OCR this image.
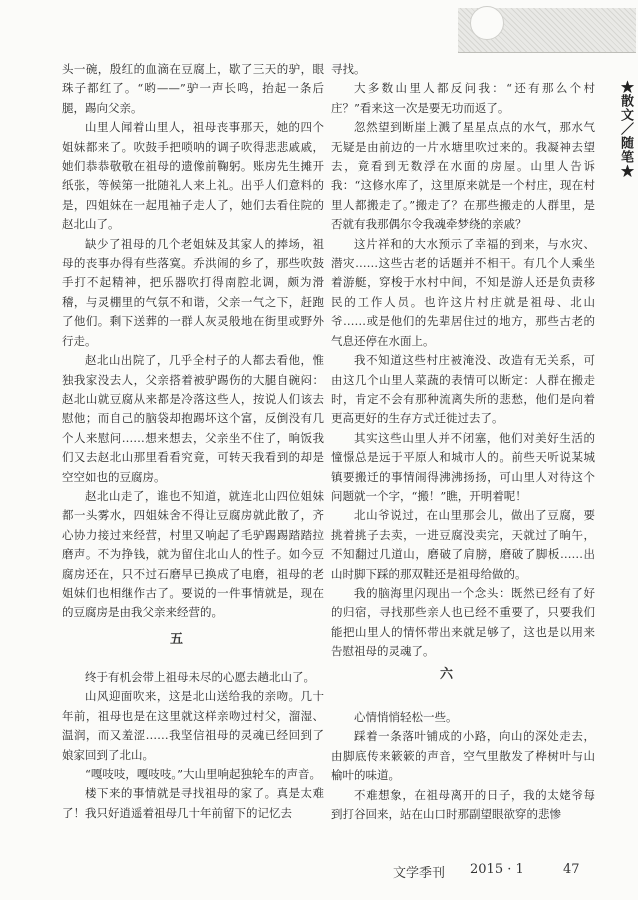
★散文／随笔★

头一碗，殷红的血滴在豆腐上，歇了三天的驴，眼珠子都红了。“哟——”驴一声长鸣，抬起一条后腿，踢向父亲。

山里人闻着山里人，祖母丧事那天，她的四个姐妹都来了。吹鼓手把唢呐的调子吹得悲悲戚戚，她们恭恭敬敬在祖母的遗像前鞠躬。账房先生摊开纸张，等候第一批随礼人来上礼。出乎人们意料的是，四姐妹在一起甩袖子走人了，她们去看住院的赵北山了。

缺少了祖母的几个老姐妹及其家人的捧场，祖母的丧事办得有些落寞。乔洪闹的乡了，那些吹鼓手打不起精神，把乐器吹打得南腔北调，颇为滑稽，与灵棚里的气氛不和谐，父亲一气之下，赶跑了他们。剩下送葬的一群人灰灵般地在街里或野外行走。

赵北山出院了，几乎全村子的人都去看他，惟独我家没去人，父亲搭着被驴踢伤的大腿自碗闷：赵北山就豆腐从来都是冷落这些人，按说人们该去慰他；而自己的脑袋却抱踢坏这个富，反倒没有几个人来慰问……想来想去，父亲坐不住了，晌饭我们又去赵北山那里看看究竟，可转天我看到的却是空空如也的豆腐房。

赵北山走了，谁也不知道，就连北山四位姐妹都一头雾水，四姐妹舍不得让豆腐房就此散了，齐心协力接过来经营，村里又响起了毛驴踢踢踏踏拉磨声。不为挣钱，就为留住北山人的性子。如今豆腐房还在，只不过石磨早已换成了电磨，祖母的老姐妹们也相继作古了。要说的一件事情就是，现在的豆腐房是由我父亲来经营的。

五

终于有机会带上祖母未尽的心愿去趟北山了。

山风迎面吹来，这是北山送给我的亲吻。几十年前，祖母也是在这里就这样亲吻过村父，溜湿、温润，而又羞涩……我坚信祖母的灵魂已经回到了娘家回到了北山。

“嘎吱吱，嘎吱吱。”大山里响起独轮车的声音。

楼下来的事情就是寻找祖母的家了。真是太难了！我只好逍遥着祖母几十年前留下的记忆去

寻找。

大多数山里人都反问我：“还有那么个村庄？”看来这一次是要无功而返了。

忽然望到断崖上溅了星星点点的水气，那水气无疑是由前边的一片水塘里吹过来的。我凝神去望去，竟看到无数浮在水面的房屋。山里人告诉我：“这修水库了，这里原来就是一个村庄，现在村里人都搬走了。”搬走了？在那些搬走的人群里，是否就有我那偶尔令我魂牵梦绕的亲戚？

这片祥和的大水预示了幸福的到来，与水灾、潜灾……这些古老的话题并不相干。有几个人乘坐着游艇，穿梭于水村中间，不知是游人还是负责移民的工作人员。也许这片村庄就是祖母、北山爷……或是他们的先辈居住过的地方，那些古老的气息还停在水面上。

我不知道这些村庄被淹没、改造有无关系，可由这几个山里人菜蔬的表情可以断定：人群在搬走时，肯定不会有那种流离失所的悲愁，他们是向着更高更好的生存方式迁徙过去了。

其实这些山里人并不闭塞，他们对美好生活的憧憬总是远于平原人和城市人的。前些天听说某城镇要搬迁的事情闹得沸沸扬扬，可山里人对待这个问题就一个字，“搬！”瞧，开明着呢！

北山爷说过，在山里那会儿，做出了豆腐，要挑着挑子去卖，一进豆腐没卖完，天就过了晌午，不知翻过几道山，磨破了肩膀，磨破了脚板……出山时脚下踩的那双鞋还是祖母给做的。

我的脑海里闪现出一个念头：既然已经有了好的归宿，寻找那些亲人也已经不重要了，只要我们能把山里人的情怀带出来就足够了，这也是以用来告慰祖母的灵魂了。

六

心情悄悄轻松一些。

踩着一条落叶铺成的小路，向山的深处走去，由脚底传来簌簌的声音，空气里散发了桦树叶与山榆叶的味道。

不难想象，在祖母离开的日子，我的太姥爷每到打谷回来，站在山口时那副望眼欲穿的悲惨

文学季刊 2015 · 1	47
